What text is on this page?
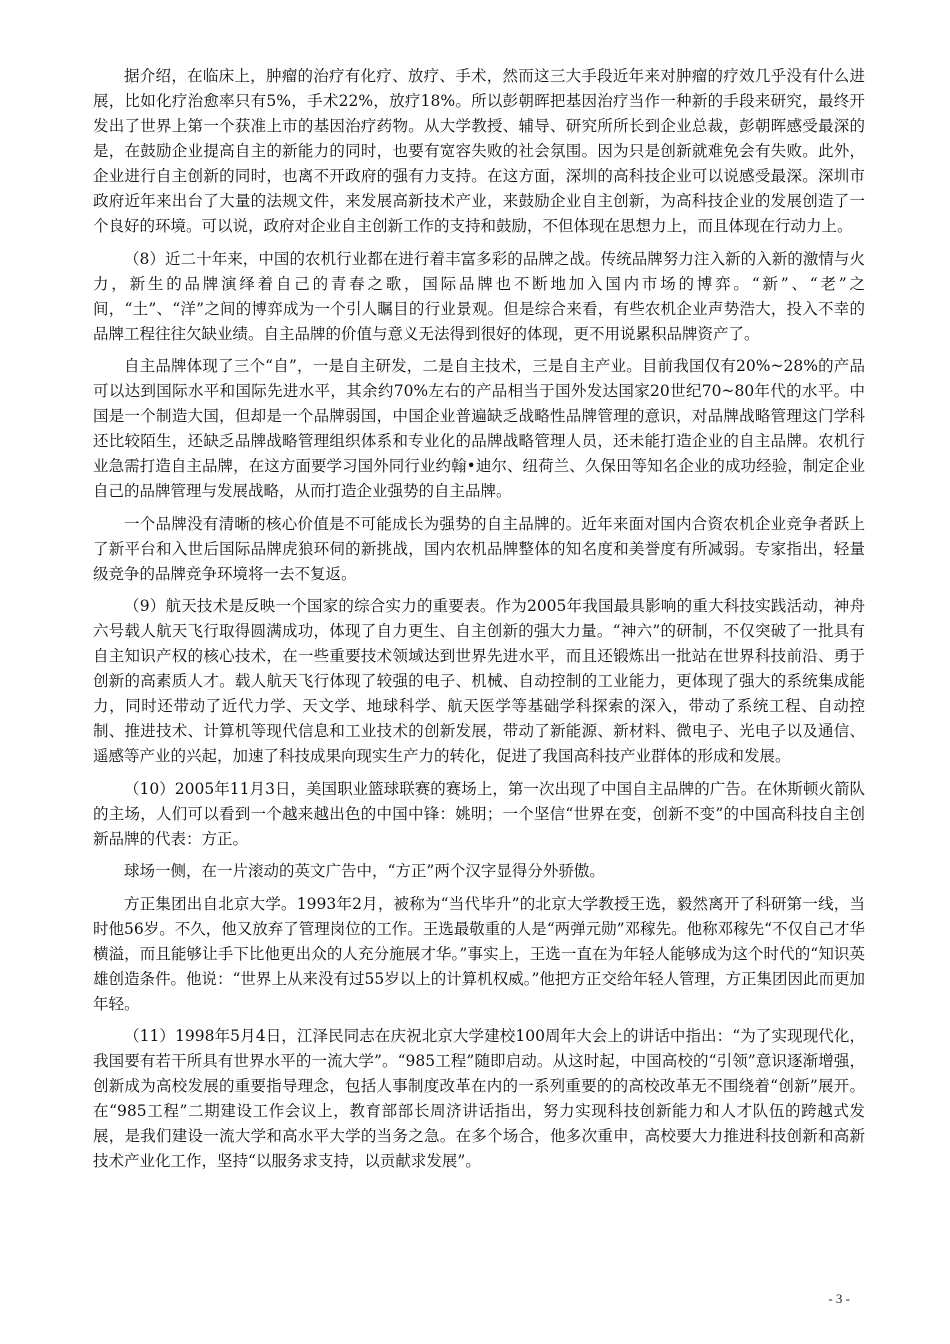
据介绍，在临床上，肿瘤的治疗有化疗、放疗、手术，然而这三大手段近年来对肿瘤的疗效几乎没有什么进展，比如化疗治愈率只有5%，手术22%，放疗18%。所以彭朝晖把基因治疗当作一种新的手段来研究，最终开发出了世界上第一个获准上市的基因治疗药物。从大学教授、辅导、研究所所长到企业总裁，彭朝晖感受最深的是，在鼓励企业提高自主的新能力的同时，也要有宽容失败的社会氛围。因为只是创新就难免会有失败。此外，企业进行自主创新的同时，也离不开政府的强有力支持。在这方面，深圳的高科技企业可以说感受最深。深圳市政府近年来出台了大量的法规文件，来发展高新技术产业，来鼓励企业自主创新，为高科技企业的发展创造了一个良好的环境。可以说，政府对企业自主创新工作的支持和鼓励，不但体现在思想力上，而且体现在行动力上。

（8）近二十年来，中国的农机行业都在进行着丰富多彩的品牌之战。传统品牌努力注入新的入新的激情与火力，新生的品牌演绎着自己的青春之歌，国际品牌也不断地加入国内市场的博弈。“新”、“老”之间，“土”、“洋”之间的博弈成为一个引人瞩目的行业景观。但是综合来看，有些农机企业声势浩大，投入不幸的品牌工程往往欠缺业绩。自主品牌的价值与意义无法得到很好的体现，更不用说累积品牌资产了。

自主品牌体现了三个“自”，一是自主研发，二是自主技术，三是自主产业。目前我国仅有20%~28%的产品可以达到国际水平和国际先进水平，其余约70%左右的产品相当于国外发达国家20世纪70~80年代的水平。中国是一个制造大国，但却是一个品牌弱国，中国企业普遍缺乏战略性品牌管理的意识，对品牌战略管理这门学科还比较陌生，还缺乏品牌战略管理组织体系和专业化的品牌战略管理人员，还未能打造企业的自主品牌。农机行业急需打造自主品牌，在这方面要学习国外同行业约翰•迪尔、纽荷兰、久保田等知名企业的成功经验，制定企业自己的品牌管理与发展战略，从而打造企业强势的自主品牌。

一个品牌没有清晰的核心价值是不可能成长为强势的自主品牌的。近年来面对国内合资农机企业竞争者跃上了新平台和入世后国际品牌虎狼环伺的新挑战，国内农机品牌整体的知名度和美誉度有所减弱。专家指出，轻量级竞争的品牌竞争环境将一去不复返。

（9）航天技术是反映一个国家的综合实力的重要表。作为2005年我国最具影响的重大科技实践活动，神舟六号载人航天飞行取得圆满成功，体现了自力更生、自主创新的强大力量。“神六”的研制，不仅突破了一批具有自主知识产权的核心技术，在一些重要技术领域达到世界先进水平，而且还锻炼出一批站在世界科技前沿、勇于创新的高素质人才。载人航天飞行体现了较强的电子、机械、自动控制的工业能力，更体现了强大的系统集成能力，同时还带动了近代力学、天文学、地球科学、航天医学等基础学科探索的深入，带动了系统工程、自动控制、推进技术、计算机等现代信息和工业技术的创新发展，带动了新能源、新材料、微电子、光电子以及通信、遥感等产业的兴起，加速了科技成果向现实生产力的转化，促进了我国高科技产业群体的形成和发展。

（10）2005年11月3日，美国职业篮球联赛的赛场上，第一次出现了中国自主品牌的广告。在休斯顿火箭队的主场，人们可以看到一个越来越出色的中国中锋：姚明；一个坚信“世界在变，创新不变”的中国高科技自主创新品牌的代表：方正。

球场一侧，在一片滚动的英文广告中，“方正”两个汉字显得分外骄傲。

方正集团出自北京大学。1993年2月，被称为“当代毕升”的北京大学教授王选，毅然离开了科研第一线，当时他56岁。不久，他又放弃了管理岗位的工作。王选最敬重的人是“两弹元勋”邓稼先。他称邓稼先“不仅自己才华横溢，而且能够让手下比他更出众的人充分施展才华。”事实上，王选一直在为年轻人能够成为这个时代的“知识英雄创造条件。他说：“世界上从来没有过55岁以上的计算机权威。”他把方正交给年轻人管理，方正集团因此而更加年轻。

（11）1998年5月4日，江泽民同志在庆祝北京大学建校100周年大会上的讲话中指出：“为了实现现代化，我国要有若干所具有世界水平的一流大学”。“985工程”随即启动。从这时起，中国高校的“引领”意识逐渐增强，创新成为高校发展的重要指导理念，包括人事制度改革在内的一系列重要的的高校改革无不围绕着“创新”展开。在“985工程”二期建设工作会议上，教育部部长周济讲话指出，努力实现科技创新能力和人才队伍的跨越式发展，是我们建设一流大学和高水平大学的当务之急。在多个场合，他多次重申，高校要大力推进科技创新和高新技术产业化工作，坚持“以服务求支持，以贡献求发展”。

- 3 -
